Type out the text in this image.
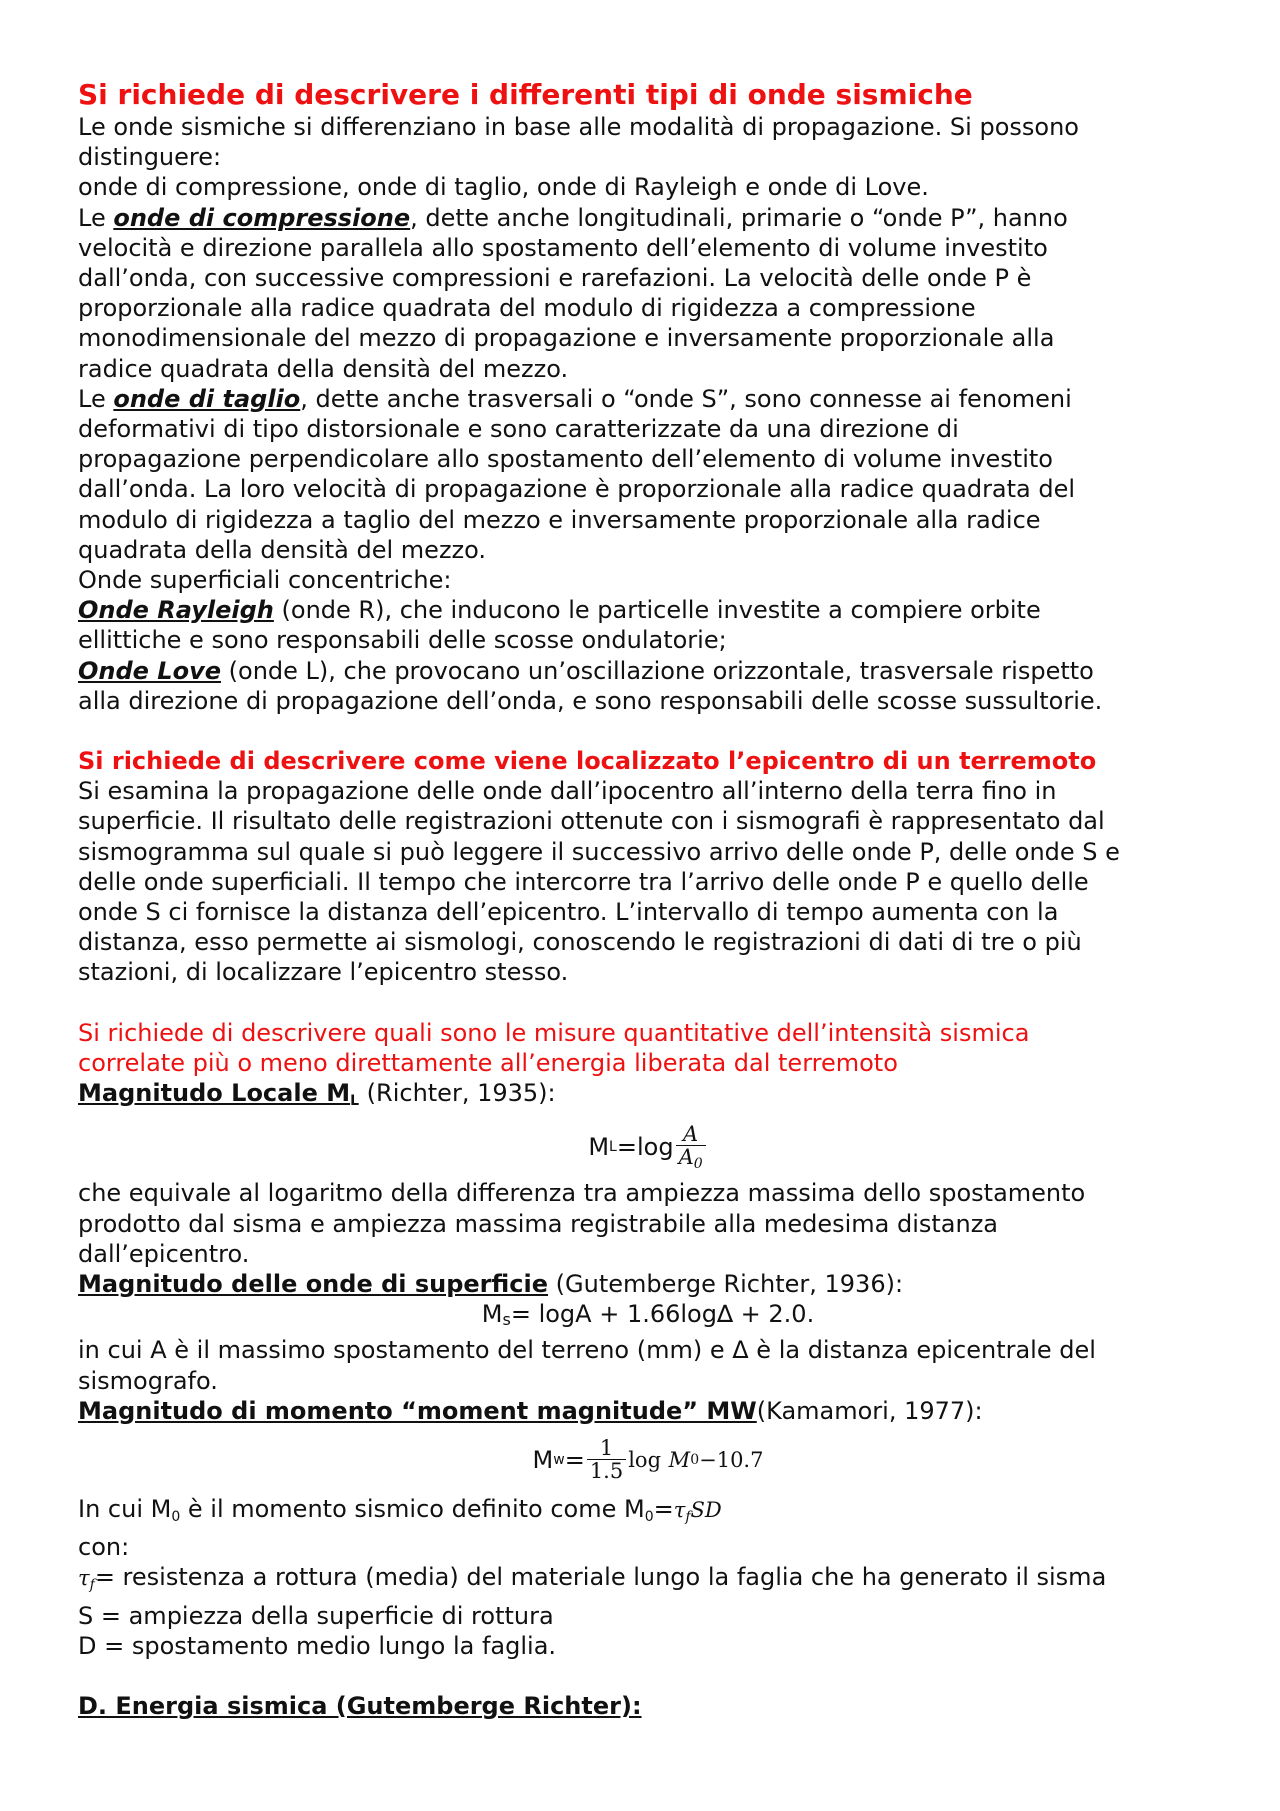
Si richiede di descrivere i differenti tipi di onde sismiche
Le onde sismiche si differenziano in base alle modalità di propagazione. Si possono
distinguere:
onde di compressione, onde di taglio, onde di Rayleigh e onde di Love.
Le onde di compressione, dette anche longitudinali, primarie o “onde P”, hanno
velocità e direzione parallela allo spostamento dell’elemento di volume investito
dall’onda, con successive compressioni e rarefazioni. La velocità delle onde P è
proporzionale alla radice quadrata del modulo di rigidezza a compressione
monodimensionale del mezzo di propagazione e inversamente proporzionale alla
radice quadrata della densità del mezzo.
Le onde di taglio, dette anche trasversali o “onde S”, sono connesse ai fenomeni
deformativi di tipo distorsionale e sono caratterizzate da una direzione di
propagazione perpendicolare allo spostamento dell’elemento di volume investito
dall’onda. La loro velocità di propagazione è proporzionale alla radice quadrata del
modulo di rigidezza a taglio del mezzo e inversamente proporzionale alla radice
quadrata della densità del mezzo.
Onde superficiali concentriche:
Onde Rayleigh (onde R), che inducono le particelle investite a compiere orbite
ellittiche e sono responsabili delle scosse ondulatorie;
Onde Love (onde L), che provocano un’oscillazione orizzontale, trasversale rispetto
alla direzione di propagazione dell’onda, e sono responsabili delle scosse sussultorie.
Si richiede di descrivere come viene localizzato l’epicentro di un terremoto
Si esamina la propagazione delle onde dall’ipocentro all’interno della terra fino in
superficie. Il risultato delle registrazioni ottenute con i sismografi è rappresentato dal
sismogramma sul quale si può leggere il successivo arrivo delle onde P, delle onde S e
delle onde superficiali. Il tempo che intercorre tra l’arrivo delle onde P e quello delle
onde S ci fornisce la distanza dell’epicentro. L’intervallo di tempo aumenta con la
distanza, esso permette ai sismologi, conoscendo le registrazioni di dati di tre o più
stazioni, di localizzare l’epicentro stesso.
Si richiede di descrivere quali sono le misure quantitative dell’intensità sismica
correlate più o meno direttamente all’energia liberata dal terremoto
Magnitudo Locale $M_L$ (Richter, 1935):
M $L =\log \frac{A}{A_0}$
che equivale al logaritmo della differenza tra ampiezza massima dello spostamento
prodotto dal sisma e ampiezza massima registrabile alla medesima distanza
dall’epicentro.
Magnitudo delle onde di superficie (Gutemberge Richter, 1936):
Ms= logA + 1.66log∆ + 2.0.
in cui A è il massimo spostamento del terreno (mm) e Δ è la distanza epicentrale del
sismografo.
Magnitudo di momento “moment magnitude” MW(Kamamori, 1977):
M $w = \frac{1}{1.5}$ log
M 0 −10.7
In cui $M_0$ è il momento sismico definito come $M_0=\tau_fSD$
con:
$\tau_f=$ resistenza a rottura (media) del materiale lungo la faglia che ha generato il sisma
S = ampiezza della superficie di rottura
D = spostamento medio lungo la faglia.
D. Energia sismica (Gutemberge Richter):
